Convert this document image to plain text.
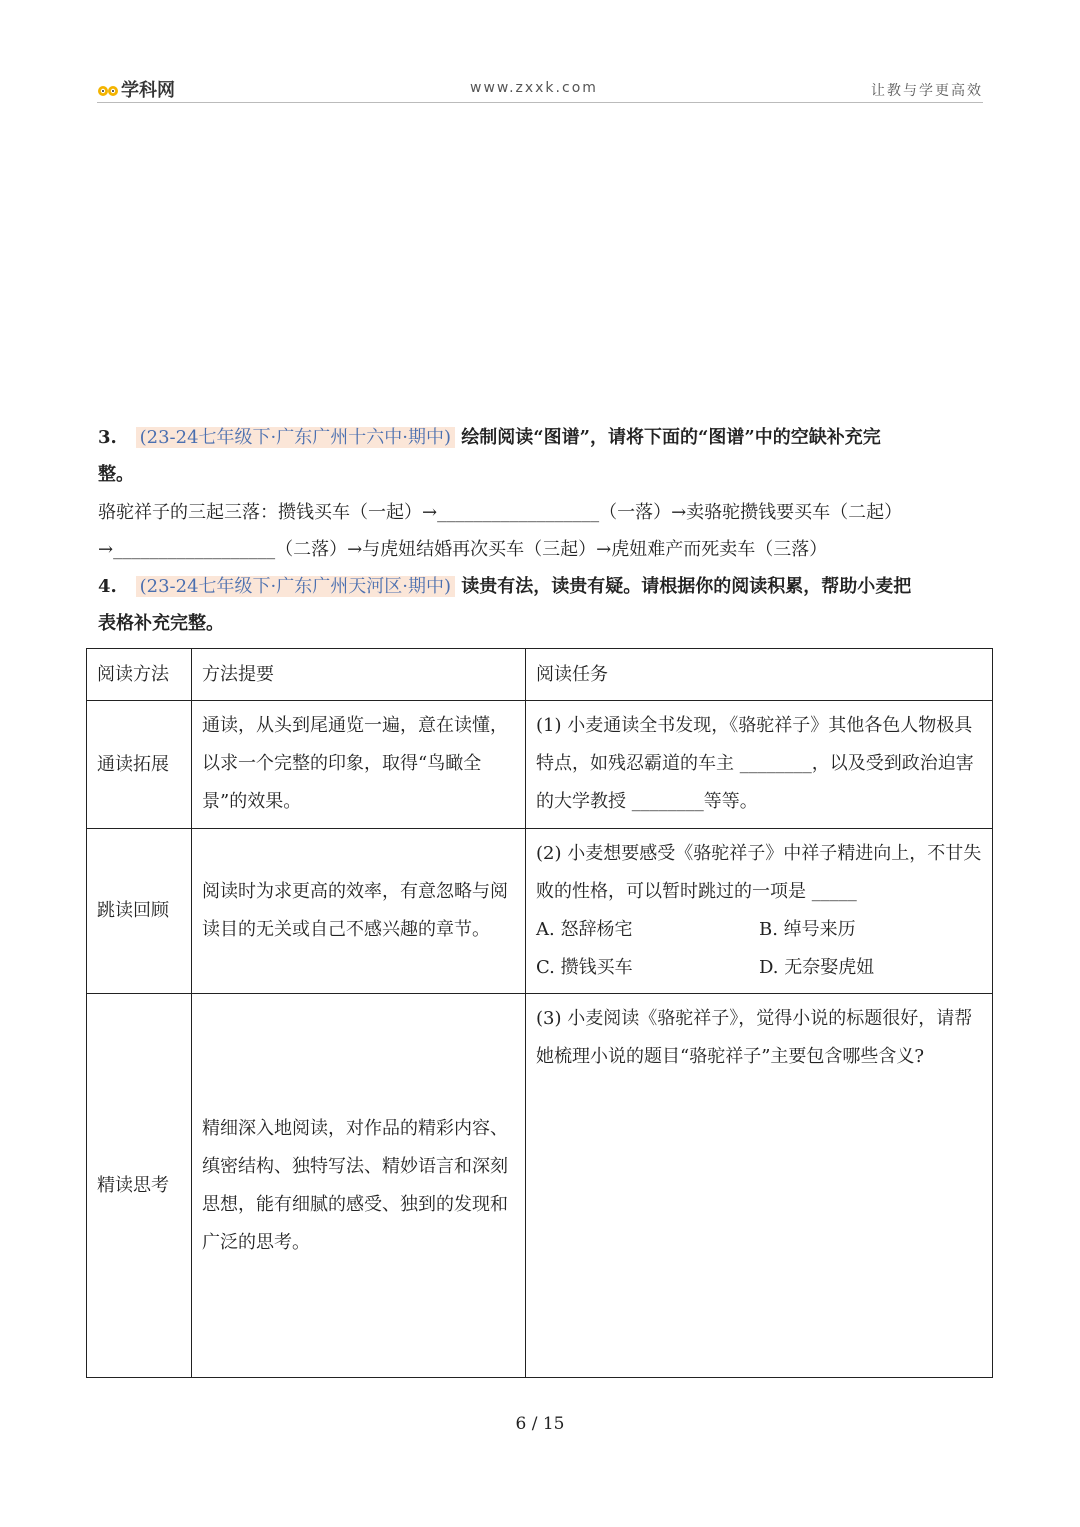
学科网	www.zxxk.com	让教与学更高效
3. (23-24七年级下·广东广州十六中·期中) 绘制阅读“图谱”，请将下面的“图谱”中的空缺补充完
整。
骆驼祥子的三起三落：攒钱买车（一起）→__________________（一落）→卖骆驼攒钱要买车（二起）
→__________________（二落）→与虎妞结婚再次买车（三起）→虎妞难产而死卖车（三落）
4. (23-24七年级下·广东广州天河区·期中) 读贵有法，读贵有疑。请根据你的阅读积累，帮助小麦把
表格补充完整。
阅读方法	方法提要	阅读任务
通读拓展	通读，从头到尾通览一遍，意在读懂，以求一个完整的印象，取得“鸟瞰全景”的效果。	(1) 小麦通读全书发现，《骆驼祥子》其他各色人物极具特点，如残忍霸道的车主 ________，以及受到政治迫害的大学教授 ________等等。
跳读回顾	阅读时为求更高的效率，有意忽略与阅读目的无关或自己不感兴趣的章节。	(2) 小麦想要感受《骆驼祥子》中祥子精进向上，不甘失败的性格，可以暂时跳过的一项是 _____
A. 怒辞杨宅 B. 绰号来历
C. 攒钱买车 D. 无奈娶虎妞

精读思考	精细深入地阅读，对作品的精彩内容、缜密结构、独特写法、精妙语言和深刻思想，能有细腻的感受、独到的发现和广泛的思考。	(3) 小麦阅读《骆驼祥子》，觉得小说的标题很好，请帮她梳理小说的题目“骆驼祥子”主要包含哪些含义?
6 / 15
